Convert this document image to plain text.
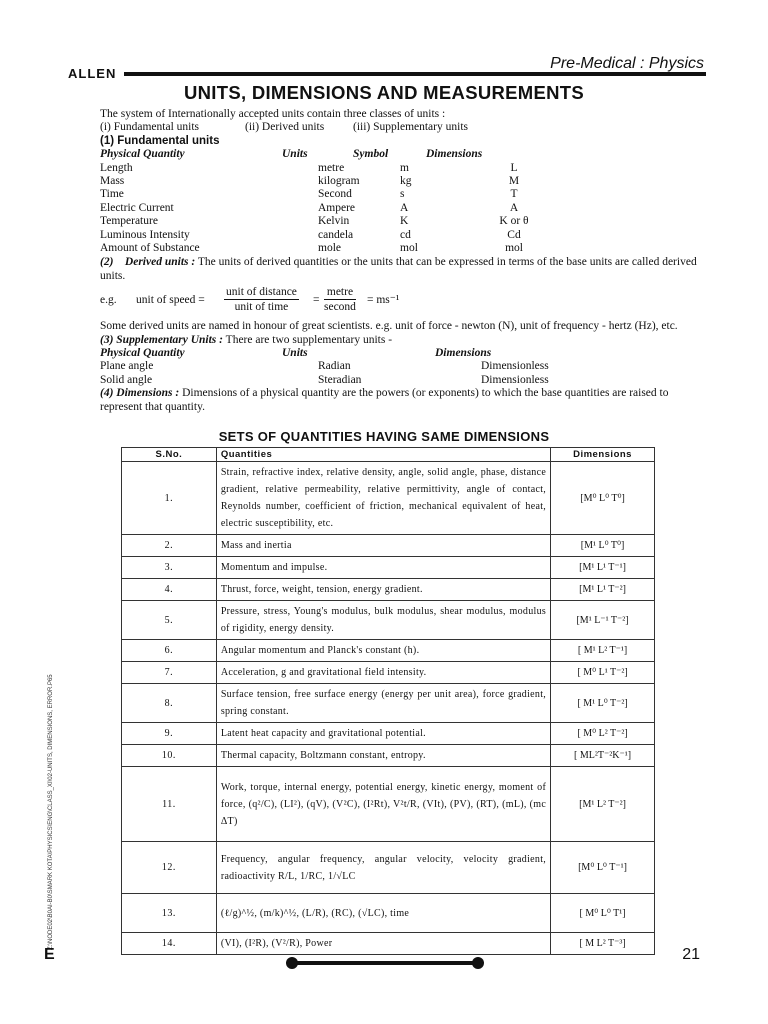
ALLEN
Pre-Medical : Physics
UNITS, DIMENSIONS AND MEASUREMENTS

The system of Internationally accepted units contain three classes of units :

(i) Fundamental units	(ii) Derived units	(iii) Supplementary units

(1) Fundamental units

Physical Quantity	Units	Symbol	Dimensions
Length	metre	m	L
Mass	kilogram	kg	M
Time	Second	s	T
Electric Current	Ampere	A	A
Temperature	Kelvin	K	K or θ
Luminous Intensity	candela	cd	Cd
Amount of Substance	mole	mol	mol

(2) Derived units : The units of derived quantities or the units that can be expressed in terms of the base units are called derived units.

e.g. unit of speed =
unit of distance
unit of time
=
metre
second
= ms⁻¹

Some derived units are named in honour of great scientists. e.g. unit of force - newton (N), unit of frequency - hertz (Hz), etc.

(3) Supplementary Units : There are two supplementary units -

Physical Quantity	Units	Dimensions
Plane angle	Radian	Dimensionless
Solid angle	Steradian	Dimensionless

(4) Dimensions : Dimensions of a physical quantity are the powers (or exponents) to which the base quantities are raised to represent that quantity.

SETS OF QUANTITIES HAVING SAME DIMENSIONS
S.No.	Quantities	Dimensions
1.	Strain, refractive index, relative density, angle, solid angle, phase, distance gradient, relative permeability, relative permittivity, angle of contact, Reynolds number, coefficient of friction, mechanical equivalent of heat, electric susceptibility, etc.	[M⁰ L⁰ T⁰]
2.	Mass and inertia	[M¹ L⁰ T⁰]
3.	Momentum and impulse.	[M¹ L¹ T⁻¹]
4.	Thrust, force, weight, tension, energy gradient.	[M¹ L¹ T⁻²]
5.	Pressure, stress, Young's modulus, bulk modulus, shear modulus, modulus of rigidity, energy density.	[M¹ L⁻¹ T⁻²]
6.	Angular momentum and Planck's constant (h).	[ M¹ L² T⁻¹]
7.	Acceleration, g and gravitational field intensity.	[ M⁰ L¹ T⁻²]
8.	Surface tension, free surface energy (energy per unit area), force gradient, spring constant.	[ M¹ L⁰ T⁻²]
9.	Latent heat capacity and gravitational potential.	[ M⁰ L² T⁻²]
10.	Thermal capacity, Boltzmann constant, entropy.	[ ML²T⁻²K⁻¹]
11.	Work, torque, internal energy, potential energy, kinetic energy, moment of force, (q²/C), (LI²), (qV), (V²C), (I²Rt), V²t/R, (VIt), (PV), (RT), (mL), (mc ΔT)	[M¹ L² T⁻²]
12.	Frequency, angular frequency, angular velocity, velocity gradient, radioactivity R/L, 1/RC, 1/√LC	[M⁰ L⁰ T⁻¹]
13.	(ℓ/g)^½, (m/k)^½, (L/R), (RC), (√LC), time	[ M⁰ L⁰ T¹]
14.	(VI), (I²R), (V²/R), Power	[ M L² T⁻³]
Z:\NODE02\B0AI-B0\SMARK KOTA\PHYSICS\ENG\CLASS_XI\02-UNITS, DIMENSIONS, ERROR.P65
E	21
